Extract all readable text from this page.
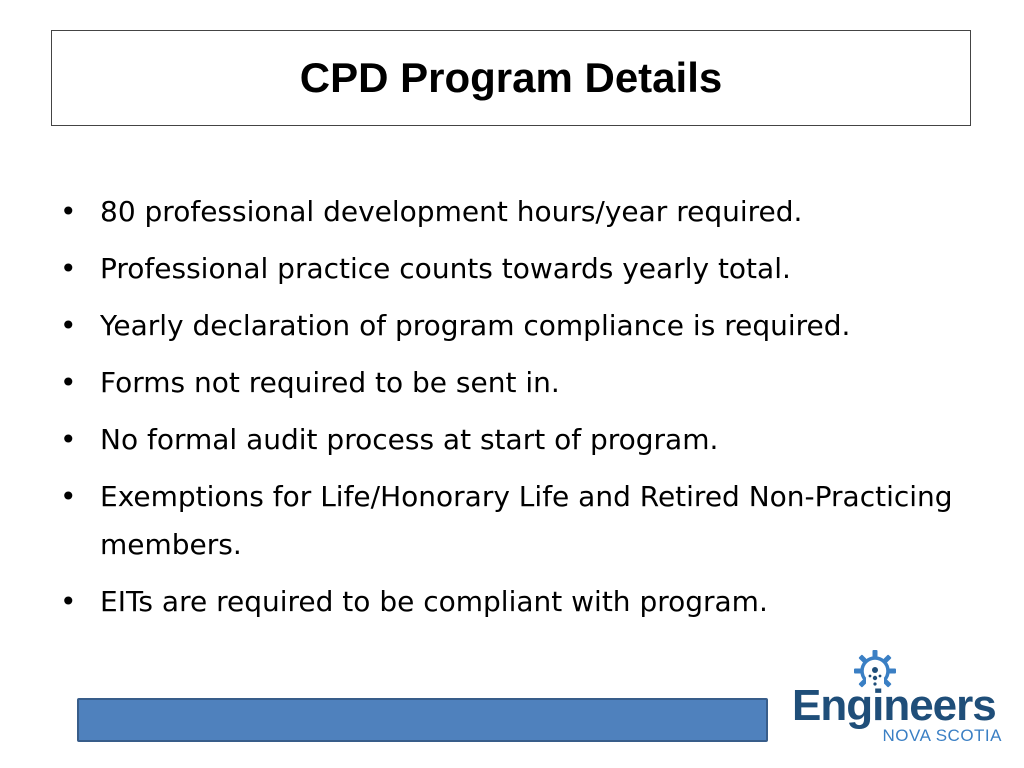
CPD Program Details
• 80 professional development hours/year required.
• Professional practice counts towards yearly total.
• Yearly declaration of program compliance is required.
• Forms not required to be sent in.
• No formal audit process at start of program.
• Exemptions for Life/Honorary Life and Retired Non-Practicing members.
• EITs are required to be compliant with program.
Engineers
NOVA SCOTIA
